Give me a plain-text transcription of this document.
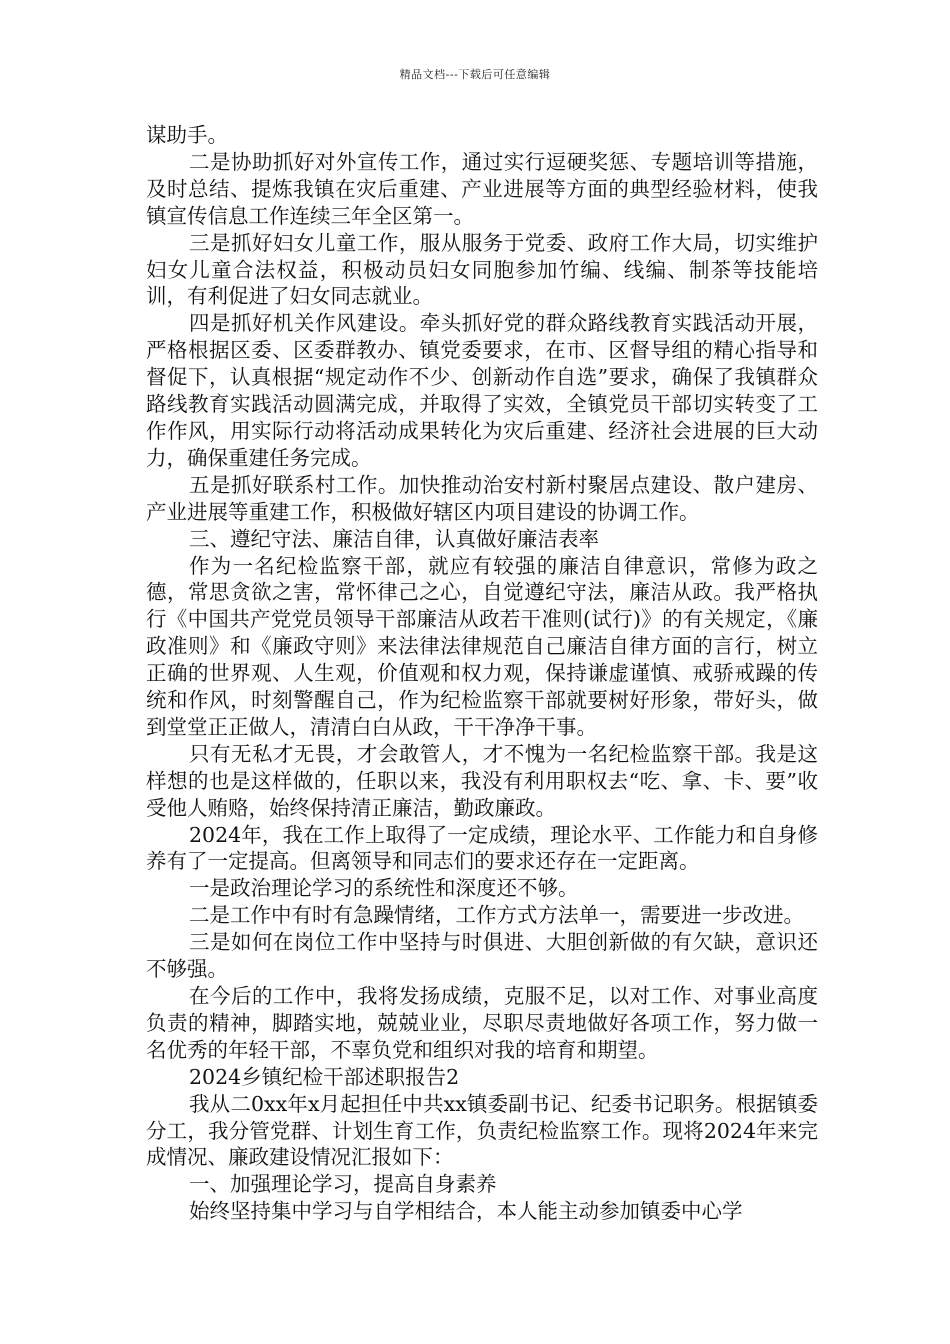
精品文档---下载后可任意编辑

谋助手。

二是协助抓好对外宣传工作，通过实行逗硬奖惩、专题培训等措施，及时总结、提炼我镇在灾后重建、产业进展等方面的典型经验材料，使我镇宣传信息工作连续三年全区第一。

三是抓好妇女儿童工作，服从服务于党委、政府工作大局，切实维护妇女儿童合法权益，积极动员妇女同胞参加竹编、线编、制茶等技能培训，有利促进了妇女同志就业。

四是抓好机关作风建设。牵头抓好党的群众路线教育实践活动开展，严格根据区委、区委群教办、镇党委要求，在市、区督导组的精心指导和督促下，认真根据“规定动作不少、创新动作自选”要求，确保了我镇群众路线教育实践活动圆满完成，并取得了实效，全镇党员干部切实转变了工作作风，用实际行动将活动成果转化为灾后重建、经济社会进展的巨大动力，确保重建任务完成。

五是抓好联系村工作。加快推动治安村新村聚居点建设、散户建房、产业进展等重建工作，积极做好辖区内项目建设的协调工作。

三、遵纪守法、廉洁自律，认真做好廉洁表率

作为一名纪检监察干部，就应有较强的廉洁自律意识，常修为政之德，常思贪欲之害，常怀律己之心，自觉遵纪守法，廉洁从政。我严格执行《中国共产党党员领导干部廉洁从政若干准则(试行)》的有关规定，《廉政准则》和《廉政守则》来法律法律规范自己廉洁自律方面的言行，树立正确的世界观、人生观，价值观和权力观，保持谦虚谨慎、戒骄戒躁的传统和作风，时刻警醒自己，作为纪检监察干部就要树好形象，带好头，做到堂堂正正做人，清清白白从政，干干净净干事。

只有无私才无畏，才会敢管人，才不愧为一名纪检监察干部。我是这样想的也是这样做的，任职以来，我没有利用职权去“吃、拿、卡、要”收受他人贿赂，始终保持清正廉洁，勤政廉政。

2024年，我在工作上取得了一定成绩，理论水平、工作能力和自身修养有了一定提高。但离领导和同志们的要求还存在一定距离。

一是政治理论学习的系统性和深度还不够。

二是工作中有时有急躁情绪，工作方式方法单一，需要进一步改进。

三是如何在岗位工作中坚持与时俱进、大胆创新做的有欠缺，意识还不够强。

在今后的工作中，我将发扬成绩，克服不足，以对工作、对事业高度负责的精神，脚踏实地，兢兢业业，尽职尽责地做好各项工作，努力做一名优秀的年轻干部，不辜负党和组织对我的培育和期望。

2024乡镇纪检干部述职报告2

我从二0xx年x月起担任中共xx镇委副书记、纪委书记职务。根据镇委分工，我分管党群、计划生育工作，负责纪检监察工作。现将2024年来完成情况、廉政建设情况汇报如下：

一、加强理论学习，提高自身素养

始终坚持集中学习与自学相结合，本人能主动参加镇委中心学
